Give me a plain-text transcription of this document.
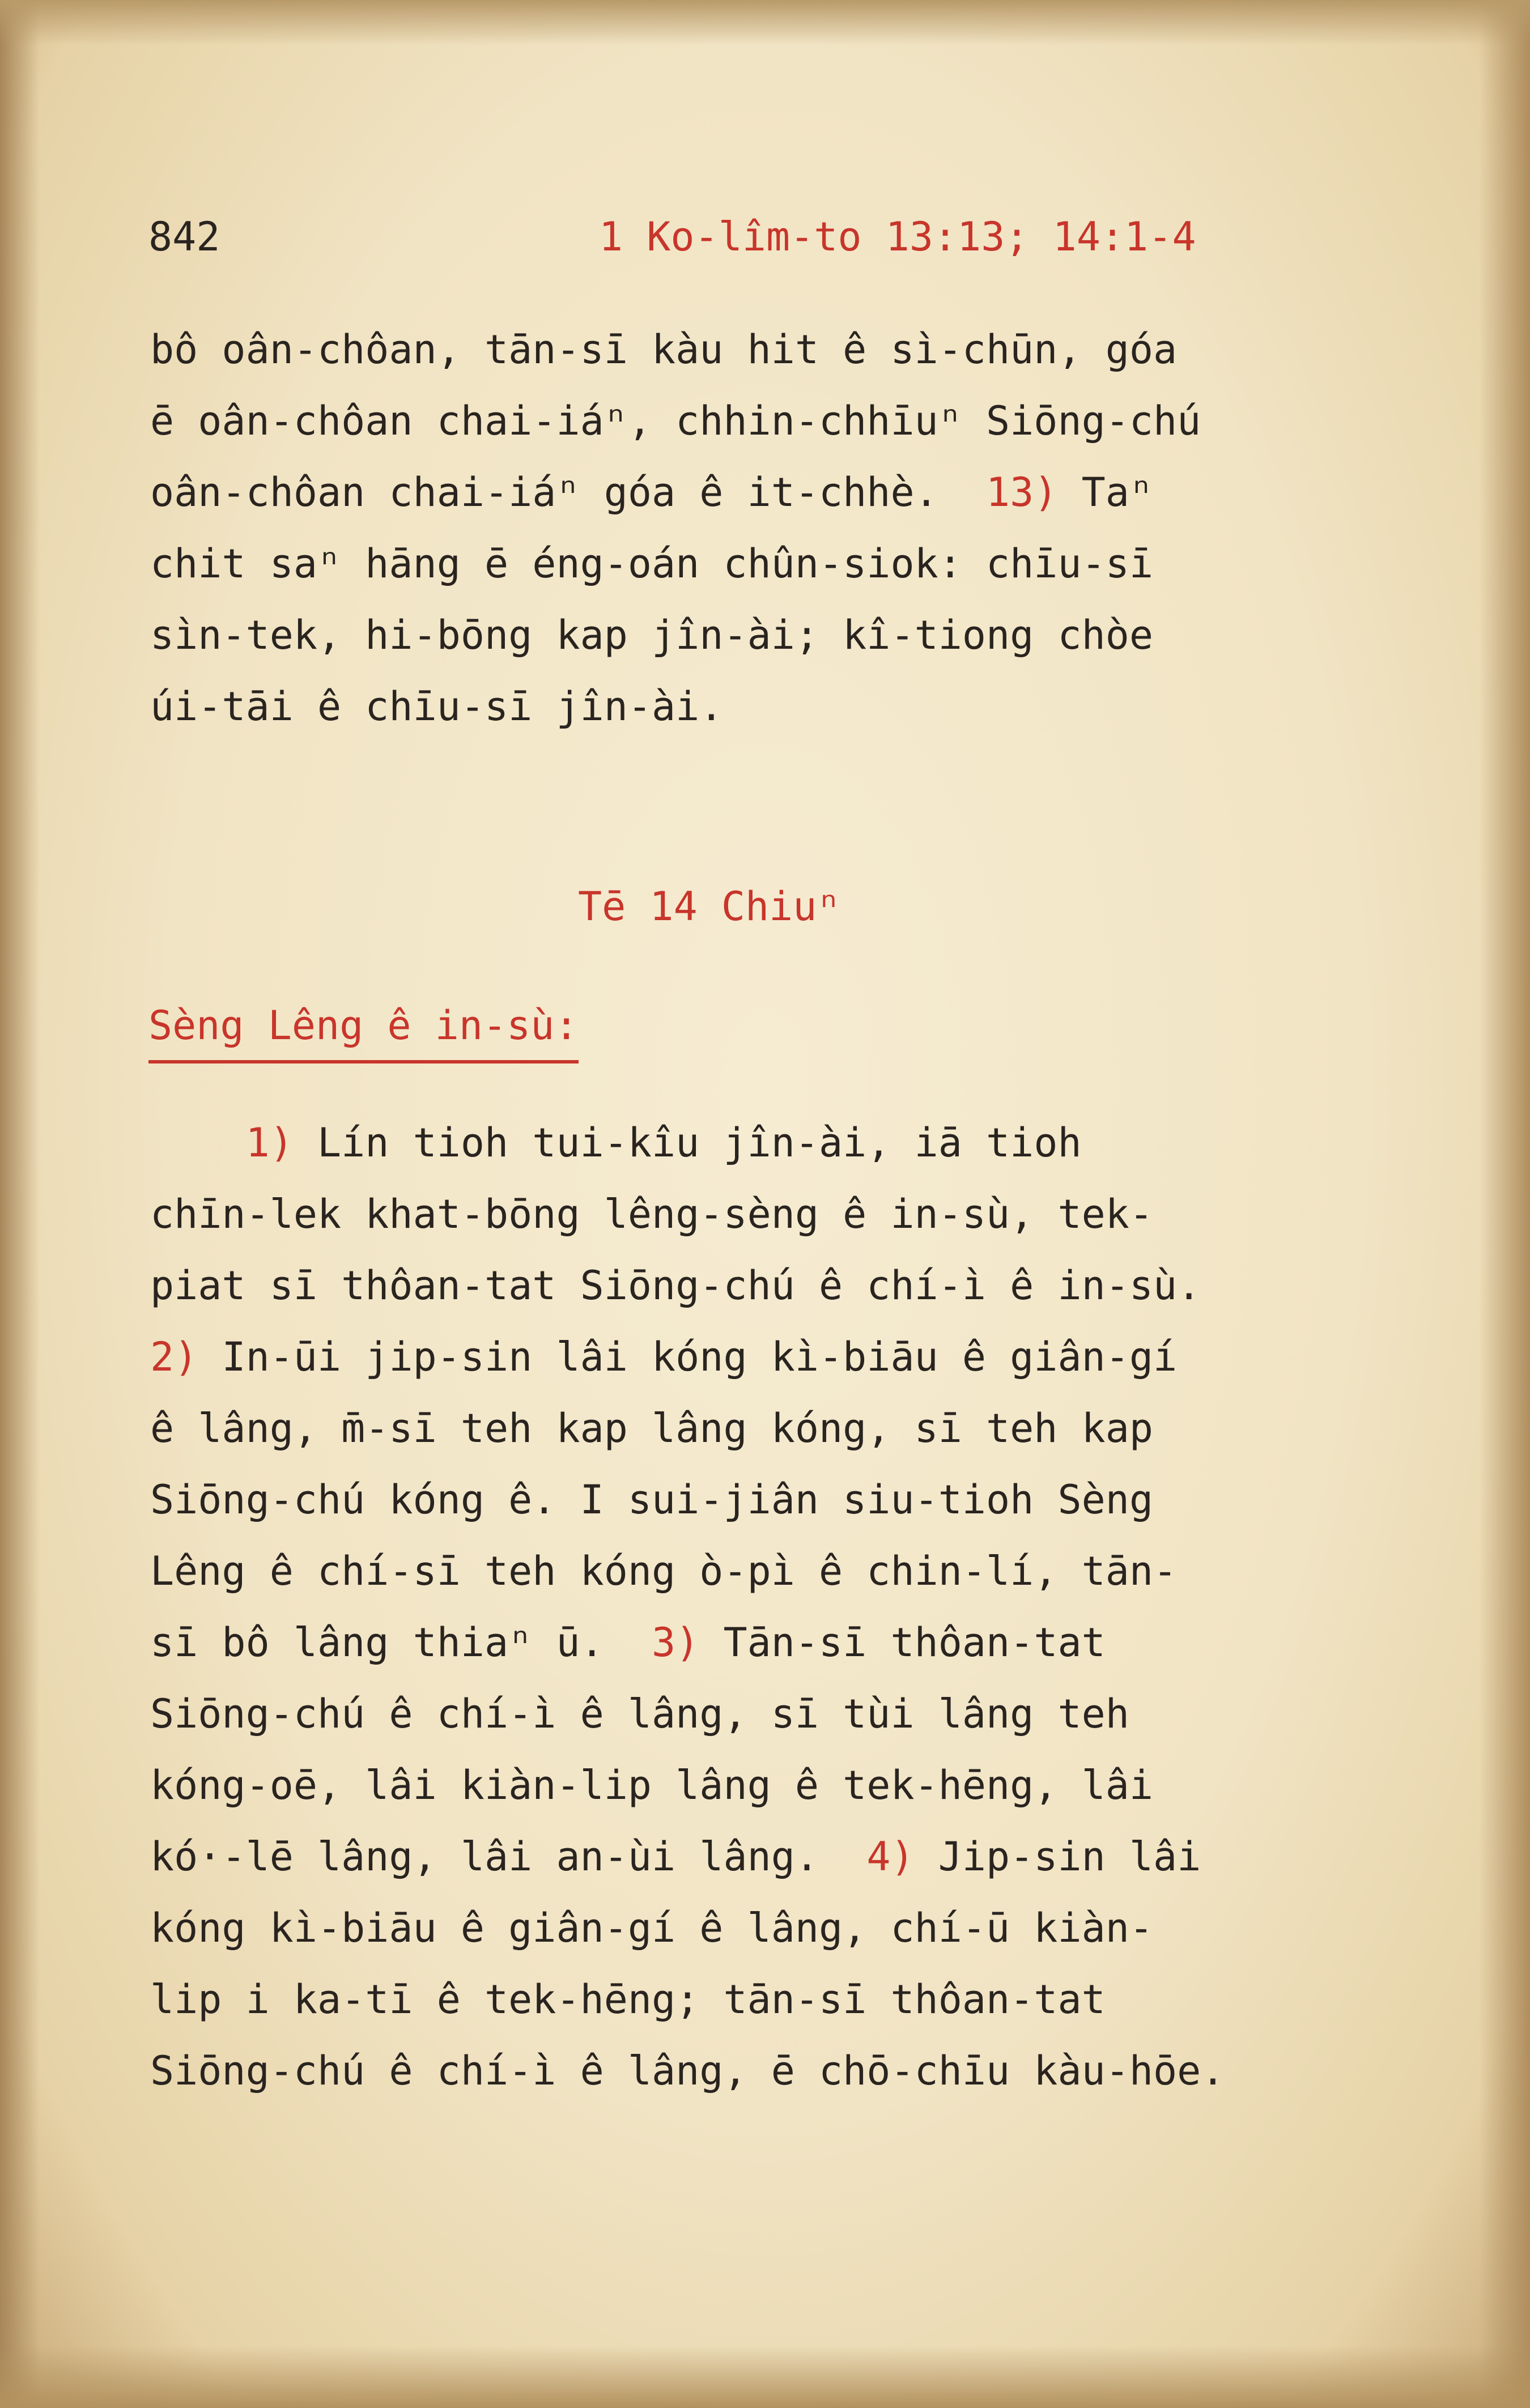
842	1 Ko-lîm-to 13:13; 14:1-4
bô oân-chôan, tān-sī kàu hit ê sì-chūn, góa
ē oân-chôan chai-iáⁿ, chhin-chhīuⁿ Siōng-chú
oân-chôan chai-iáⁿ góa ê it-chhè.  13) Taⁿ
chit saⁿ hāng ē éng-oán chûn-siok: chīu-sī
sìn-tek, hi-bōng kap jîn-ài; kî-tiong chòe
úi-tāi ê chīu-sī jîn-ài.
Tē 14 Chiuⁿ
Sèng Lêng ê in-sù:
1) Lín tioh tui-kîu jîn-ài, iā tioh
chīn-lek khat-bōng lêng-sèng ê in-sù, tek-
piat sī thôan-tat Siōng-chú ê chí-ì ê in-sù.
2) In-ūi jip-sin lâi kóng kì-biāu ê giân-gí
ê lâng, m̄-sī teh kap lâng kóng, sī teh kap
Siōng-chú kóng ê. I sui-jiân siu-tioh Sèng
Lêng ê chí-sī teh kóng ò-pì ê chin-lí, tān-
sī bô lâng thiaⁿ ū.  3) Tān-sī thôan-tat
Siōng-chú ê chí-ì ê lâng, sī tùi lâng teh
kóng-oē, lâi kiàn-lip lâng ê tek-hēng, lâi
kó·-lē lâng, lâi an-ùi lâng.  4) Jip-sin lâi
kóng kì-biāu ê giân-gí ê lâng, chí-ū kiàn-
lip i ka-tī ê tek-hēng; tān-sī thôan-tat
Siōng-chú ê chí-ì ê lâng, ē chō-chīu kàu-hōe.
